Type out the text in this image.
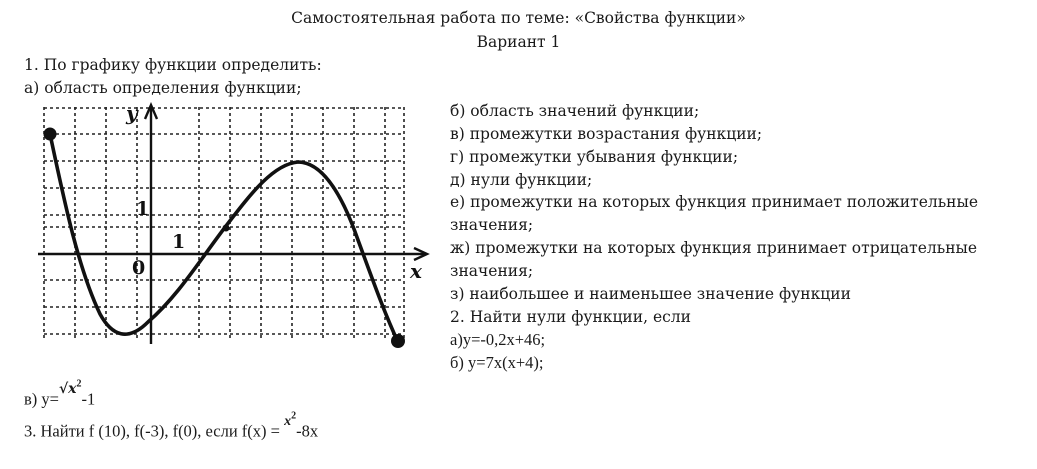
Самостоятельная работа по теме: «Свойства функции»
Вариант 1
1. По графику функции определить:
а) область определения функции;
б) область значений функции;
в) промежутки возрастания функции;
г) промежутки убывания функции;
д) нули функции;
е) промежутки на которых функция принимает положительные
значения;
ж) промежутки на которых функция принимает отрицательные
значения;
з) наибольшее и наименьшее значение функции
2. Найти нули функции, если
а)y=-0,2x+46;
б) y=7x(x+4);
в) $y=√x^2-1$
3. Найти f (10), f(-3), f(0), если $f(x) = x^2-8x$
y
x
0
1
1
